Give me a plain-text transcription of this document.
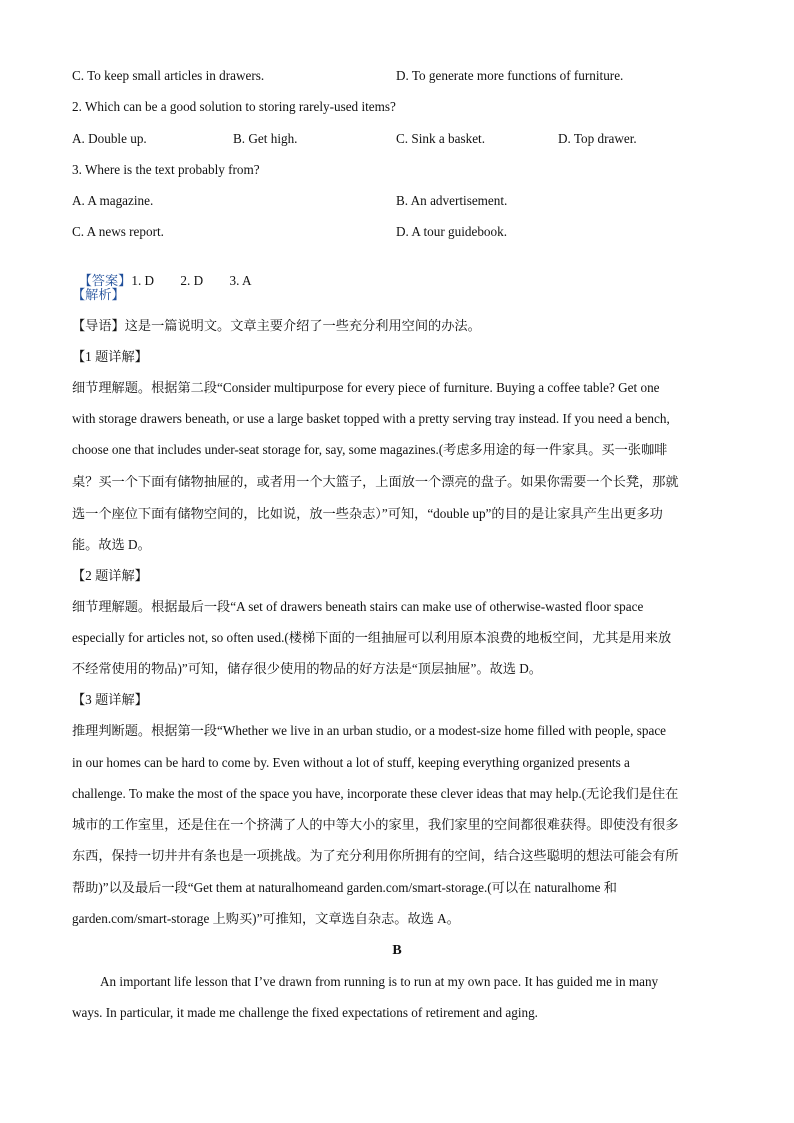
C. To keep small articles in drawers.	D. To generate more functions of furniture.
2. Which can be a good solution to storing rarely-used items?
A. Double up.	B. Get high.	C. Sink a basket.	D. Top drawer.
3. Where is the text probably from?
A. A magazine.	B. An advertisement.
C. A news report.	D. A tour guidebook.

【答案】1. D        2. D        3. A

【解析】
【导语】这是一篇说明文。文章主要介绍了一些充分利用空间的办法。
【1 题详解】
细节理解题。根据第二段“Consider multipurpose for every piece of furniture. Buying a coffee table? Get one
with storage drawers beneath, or use a large basket topped with a pretty serving tray instead. If you need a bench,
choose one that includes under-seat storage for, say, some magazines.(考虑多用途的每一件家具。买一张咖啡
桌？买一个下面有储物抽屉的，或者用一个大篮子，上面放一个漂亮的盘子。如果你需要一个长凳，那就
选一个座位下面有储物空间的，比如说，放一些杂志）”可知，“double up”的目的是让家具产生出更多功
能。故选 D。
【2 题详解】
细节理解题。根据最后一段“A set of drawers beneath stairs can make use of otherwise-wasted floor space
especially for articles not, so often used.(楼梯下面的一组抽屉可以利用原本浪费的地板空间，尤其是用来放
不经常使用的物品)”可知，储存很少使用的物品的好方法是“顶层抽屉”。故选 D。
【3 题详解】
推理判断题。根据第一段“Whether we live in an urban studio, or a modest-size home filled with people, space
in our homes can be hard to come by. Even without a lot of stuff, keeping everything organized presents a
challenge. To make the most of the space you have, incorporate these clever ideas that may help.(无论我们是住在
城市的工作室里，还是住在一个挤满了人的中等大小的家里，我们家里的空间都很难获得。即使没有很多
东西，保持一切井井有条也是一项挑战。为了充分利用你所拥有的空间，结合这些聪明的想法可能会有所
帮助)”以及最后一段“Get them at naturalhomeand garden.com/smart-storage.(可以在 naturalhome 和
garden.com/smart-storage 上购买)”可推知，文章选自杂志。故选 A。
B
An important life lesson that I’ve drawn from running is to run at my own pace. It has guided me in many
ways. In particular, it made me challenge the fixed expectations of retirement and aging.
